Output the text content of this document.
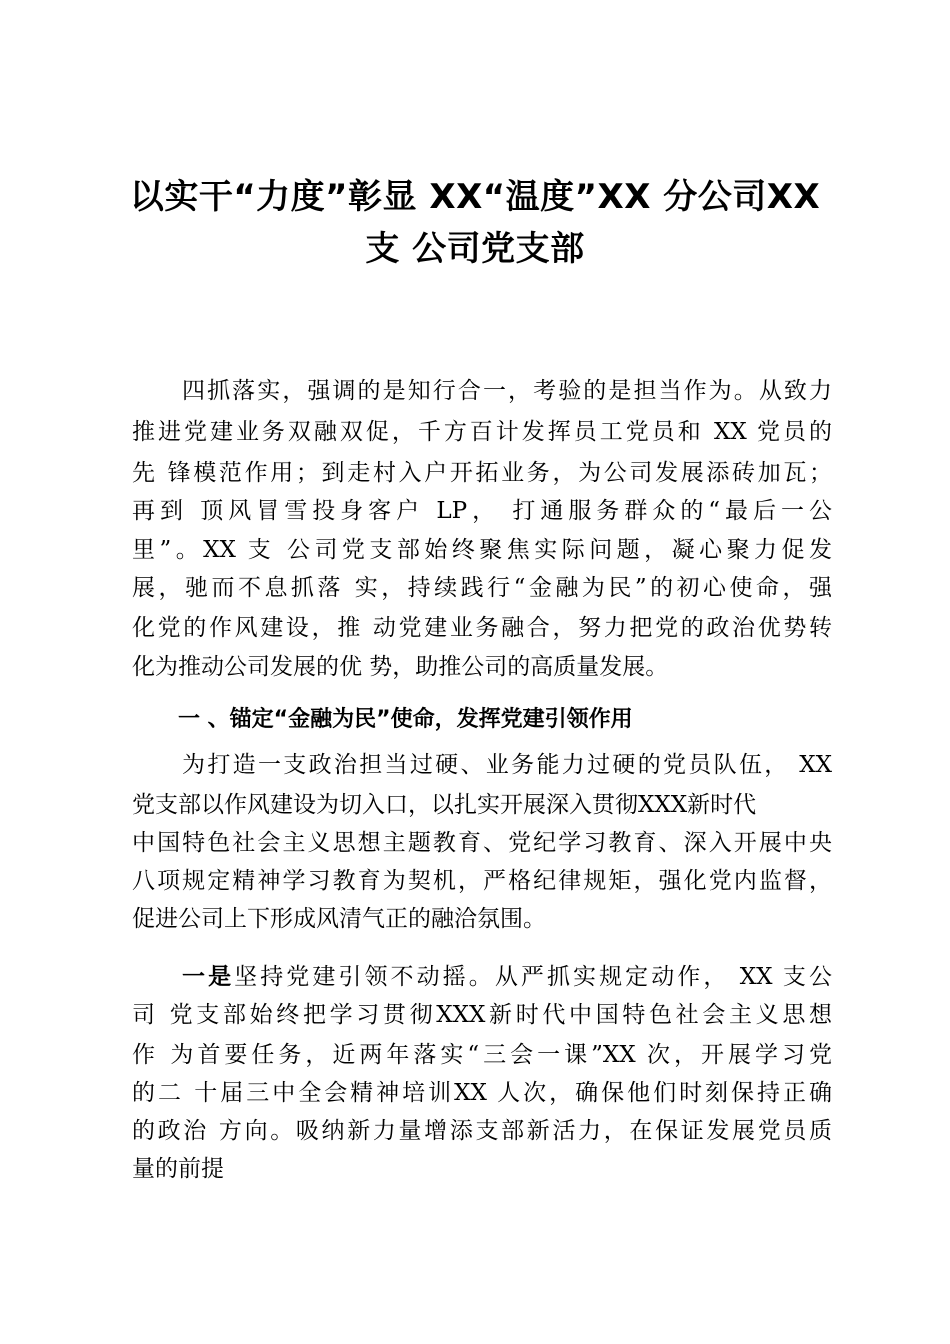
以实干“力度”彰显 XX“温度”XX 分公司XX
支 公司党支部
四抓落实，强调的是知行合一，考验的是担当作为。从致力
推进党建业务双融双促，千方百计发挥员工党员和 XX 党员的
先 锋模范作用；到走村入户开拓业务，为公司发展添砖加瓦；
再到 顶风冒雪投身客户 LP， 打通服务群众的“最后一公
里”。XX 支 公司党支部始终聚焦实际问题，凝心聚力促发
展，驰而不息抓落 实，持续践行“金融为民”的初心使命，强
化党的作风建设，推 动党建业务融合，努力把党的政治优势转
化为推动公司发展的优 势，助推公司的高质量发展。
一 、锚定“金融为民”使命，发挥党建引领作用
为打造一支政治担当过硬、业务能力过硬的党员队伍， XX
党支部以作风建设为切入口，以扎实开展深入贯彻XXX新时代
中国特色社会主义思想主题教育、党纪学习教育、深入开展中央
八项规定精神学习教育为契机，严格纪律规矩，强化党内监督，
促进公司上下形成风清气正的融洽氛围。
一是坚持党建引领不动摇。从严抓实规定动作， XX 支公
司 党支部始终把学习贯彻XXX新时代中国特色社会主义思想
作 为首要任务，近两年落实“三会一课”XX 次，开展学习党
的二 十届三中全会精神培训XX 人次，确保他们时刻保持正确
的政治 方向。吸纳新力量增添支部新活力，在保证发展党员质
量的前提
